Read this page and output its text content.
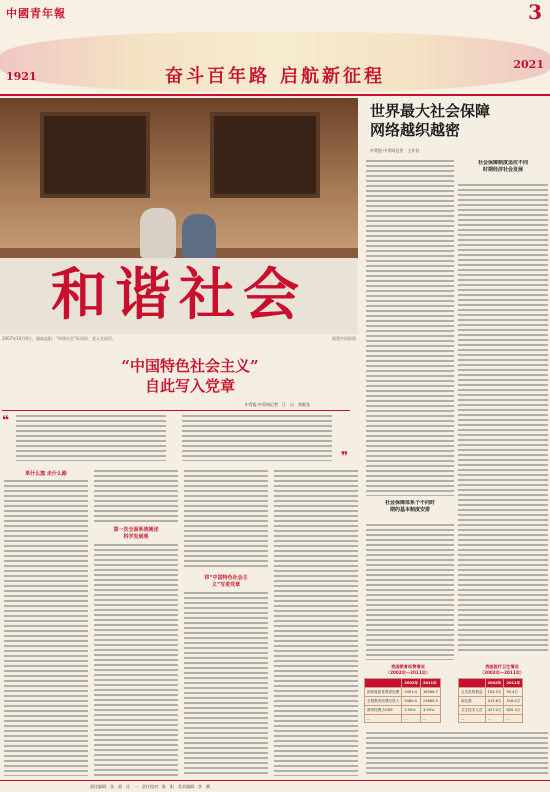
中國青年報	3
1921
2021
奋斗百年路 启航新征程
和谐社会
2007年10月9日，湖南益阳，“和谐社会”标语前，老人在说话。	视觉中国供图
世界最大社会保障
网络越织越密
中青报·中青网记者　王亦君
社会保障制度适应不同
时期经济社会发展
社会保障体系个不同时
期的基本制度安排
“中国特色社会主义”
自此写入党章
中青报·中青网记者　江　山　焦敏龙
❝
❞
单什么旗 走什么路
第一次全面系统阐述
科学发展观
将“中国特色社会主
义”写进党章
我国教育经费情况
（2002年—2011年）
	2002年	2011年
国家财政性教育经费	3491.4	18586.7
全国教育经费总投入	5480.0	23869.3
教育经费占GDP	2.90%	3.93%
...	...	...
我国医疗卫生情况
（2002年—2011年）
	2002年	2011年
卫生机构数量	100.5万	95.4万
床位数	313.6万	516.0万
卫生技术人员	427.0万	620.3万
...	...	...
责任编辑：张　茵　任　一　责任校对：陈　阳　美术编辑：李　腾
